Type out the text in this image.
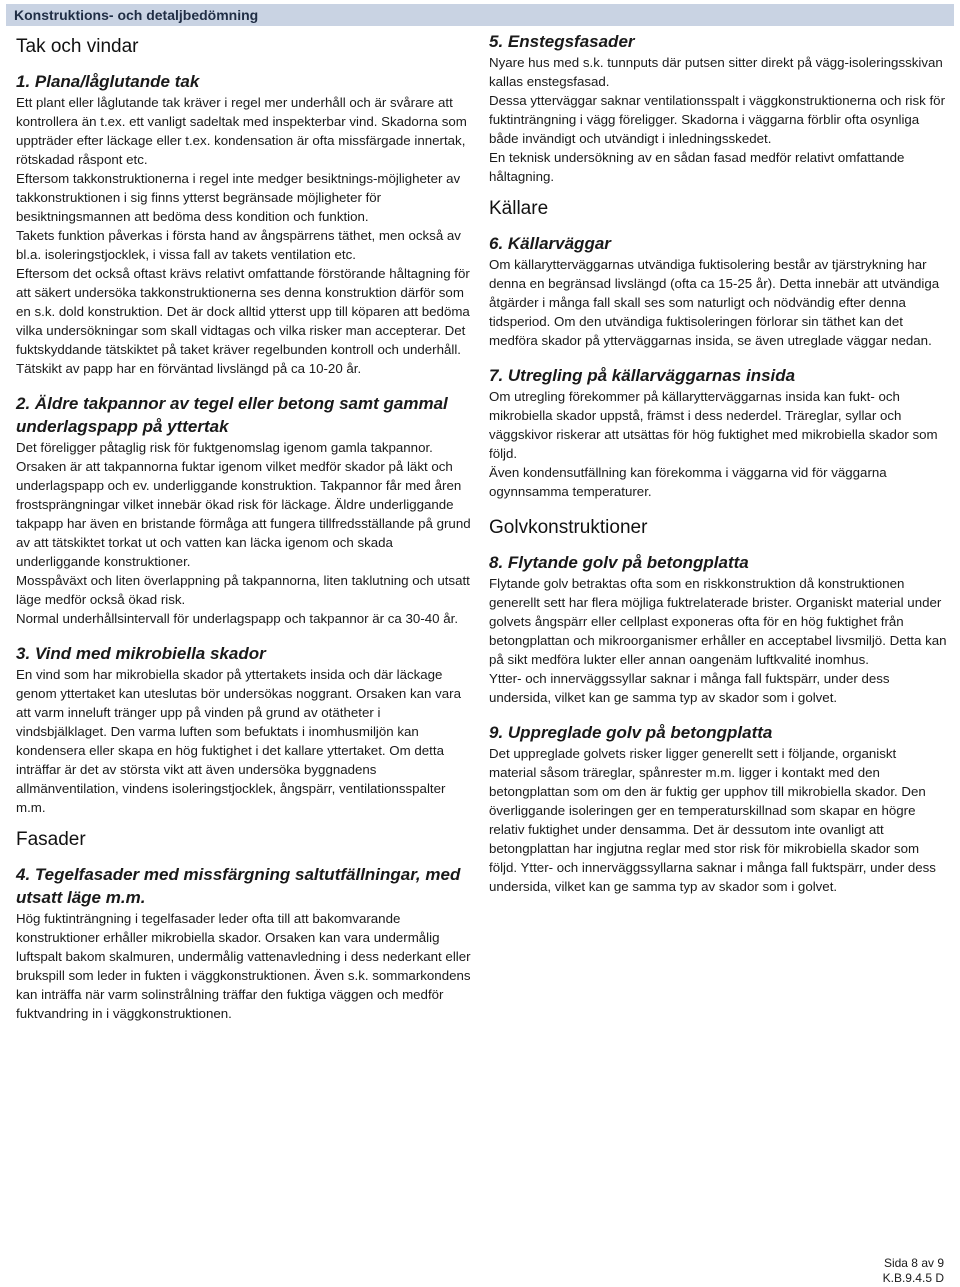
Konstruktions- och detaljbedömning
Tak och vindar
1. Plana/låglutande tak

Ett plant eller låglutande tak kräver i regel mer underhåll och är svårare att kontrollera än t.ex. ett vanligt sadeltak med inspekterbar vind. Skadorna som uppträder efter läckage eller t.ex. kondensation är ofta missfärgade innertak, rötskadad råspont etc.

Eftersom takkonstruktionerna i regel inte medger besiktnings-möjligheter av takkonstruktionen i sig finns ytterst begränsade möjligheter för besiktningsmannen att bedöma dess kondition och funktion.

Takets funktion påverkas i första hand av ångspärrens täthet, men också av bl.a. isoleringstjocklek, i vissa fall av takets ventilation etc.

Eftersom det också oftast krävs relativt omfattande förstörande håltagning för att säkert undersöka takkonstruktionerna ses denna konstruktion därför som en s.k. dold konstruktion. Det är dock alltid ytterst upp till köparen att bedöma vilka undersökningar som skall vidtagas och vilka risker man accepterar. Det fuktskyddande tätskiktet på taket kräver regelbunden kontroll och underhåll. Tätskikt av papp har en förväntad livslängd på ca 10-20 år.

2. Äldre takpannor av tegel eller betong samt gammal underlagspapp på yttertak

Det föreligger påtaglig risk för fuktgenomslag igenom gamla takpannor. Orsaken är att takpannorna fuktar igenom vilket medför skador på läkt och underlagspapp och ev. underliggande konstruktion. Takpannor får med åren frostsprängningar vilket innebär ökad risk för läckage. Äldre underliggande takpapp har även en bristande förmåga att fungera tillfredsställande på grund av att tätskiktet torkat ut och vatten kan läcka igenom och skada underliggande konstruktioner.

Mosspåväxt och liten överlappning på takpannorna, liten taklutning och utsatt läge medför också ökad risk.

Normal underhållsintervall för underlagspapp och takpannor är ca 30-40 år.

3. Vind med mikrobiella skador

En vind som har mikrobiella skador på yttertakets insida och där läckage genom yttertaket kan uteslutas bör undersökas noggrant. Orsaken kan vara att varm inneluft tränger upp på vinden på grund av otätheter i vindsbjälklaget. Den varma luften som befuktats i inomhusmiljön kan kondensera eller skapa en hög fuktighet i det kallare yttertaket. Om detta inträffar är det av största vikt att även undersöka byggnadens allmänventilation, vindens isoleringstjocklek, ångspärr, ventilationsspalter m.m.

Fasader
4. Tegelfasader med missfärgning saltutfällningar, med utsatt läge m.m.

Hög fuktinträngning i tegelfasader leder ofta till att bakomvarande konstruktioner erhåller mikrobiella skador. Orsaken kan vara undermålig luftspalt bakom skalmuren, undermålig vattenavledning i dess nederkant eller brukspill som leder in fukten i väggkonstruktionen. Även s.k. sommarkondens kan inträffa när varm solinstrålning träffar den fuktiga väggen och medför fuktvandring in i väggkonstruktionen.

5. Enstegsfasader

Nyare hus med s.k. tunnputs där putsen sitter direkt på vägg-isoleringsskivan kallas enstegsfasad.

Dessa ytterväggar saknar ventilationsspalt i väggkonstruktionerna och risk för fuktinträngning i vägg föreligger. Skadorna i väggarna förblir ofta osynliga både invändigt och utvändigt i inledningsskedet.

En teknisk undersökning av en sådan fasad medför relativt omfattande håltagning.

Källare
6. Källarväggar

Om källarytterväggarnas utvändiga fuktisolering består av tjärstrykning har denna en begränsad livslängd (ofta ca 15-25 år). Detta innebär att utvändiga åtgärder i många fall skall ses som naturligt och nödvändig efter denna tidsperiod. Om den utvändiga fuktisoleringen förlorar sin täthet kan det medföra skador på ytterväggarnas insida, se även utreglade väggar nedan.

7. Utregling på källarväggarnas insida

Om utregling förekommer på källarytterväggarnas insida kan fukt- och mikrobiella skador uppstå, främst i dess nederdel. Träreglar, syllar och väggskivor riskerar att utsättas för hög fuktighet med mikrobiella skador som följd.

Även kondensutfällning kan förekomma i väggarna vid för väggarna ogynnsamma temperaturer.

Golvkonstruktioner
8. Flytande golv på betongplatta

Flytande golv betraktas ofta som en riskkonstruktion då konstruktionen generellt sett har flera möjliga fuktrelaterade brister. Organiskt material under golvets ångspärr eller cellplast exponeras ofta för en hög fuktighet från betongplattan och mikroorganismer erhåller en acceptabel livsmiljö. Detta kan på sikt medföra lukter eller annan oangenäm luftkvalité inomhus.

Ytter- och innerväggssyllar saknar i många fall fuktspärr, under dess undersida, vilket kan ge samma typ av skador som i golvet.

9. Uppreglade golv på betongplatta

Det uppreglade golvets risker ligger generellt sett i följande, organiskt material såsom träreglar, spånrester m.m. ligger i kontakt med den betongplattan som om den är fuktig ger upphov till mikrobiella skador. Den överliggande isoleringen ger en temperaturskillnad som skapar en högre relativ fuktighet under densamma. Det är dessutom inte ovanligt att betongplattan har ingjutna reglar med stor risk för mikrobiella skador som följd. Ytter- och innerväggssyllarna saknar i många fall fuktspärr, under dess undersida, vilket kan ge samma typ av skador som i golvet.

Sida 8 av 9
K.B.9.4.5 D
